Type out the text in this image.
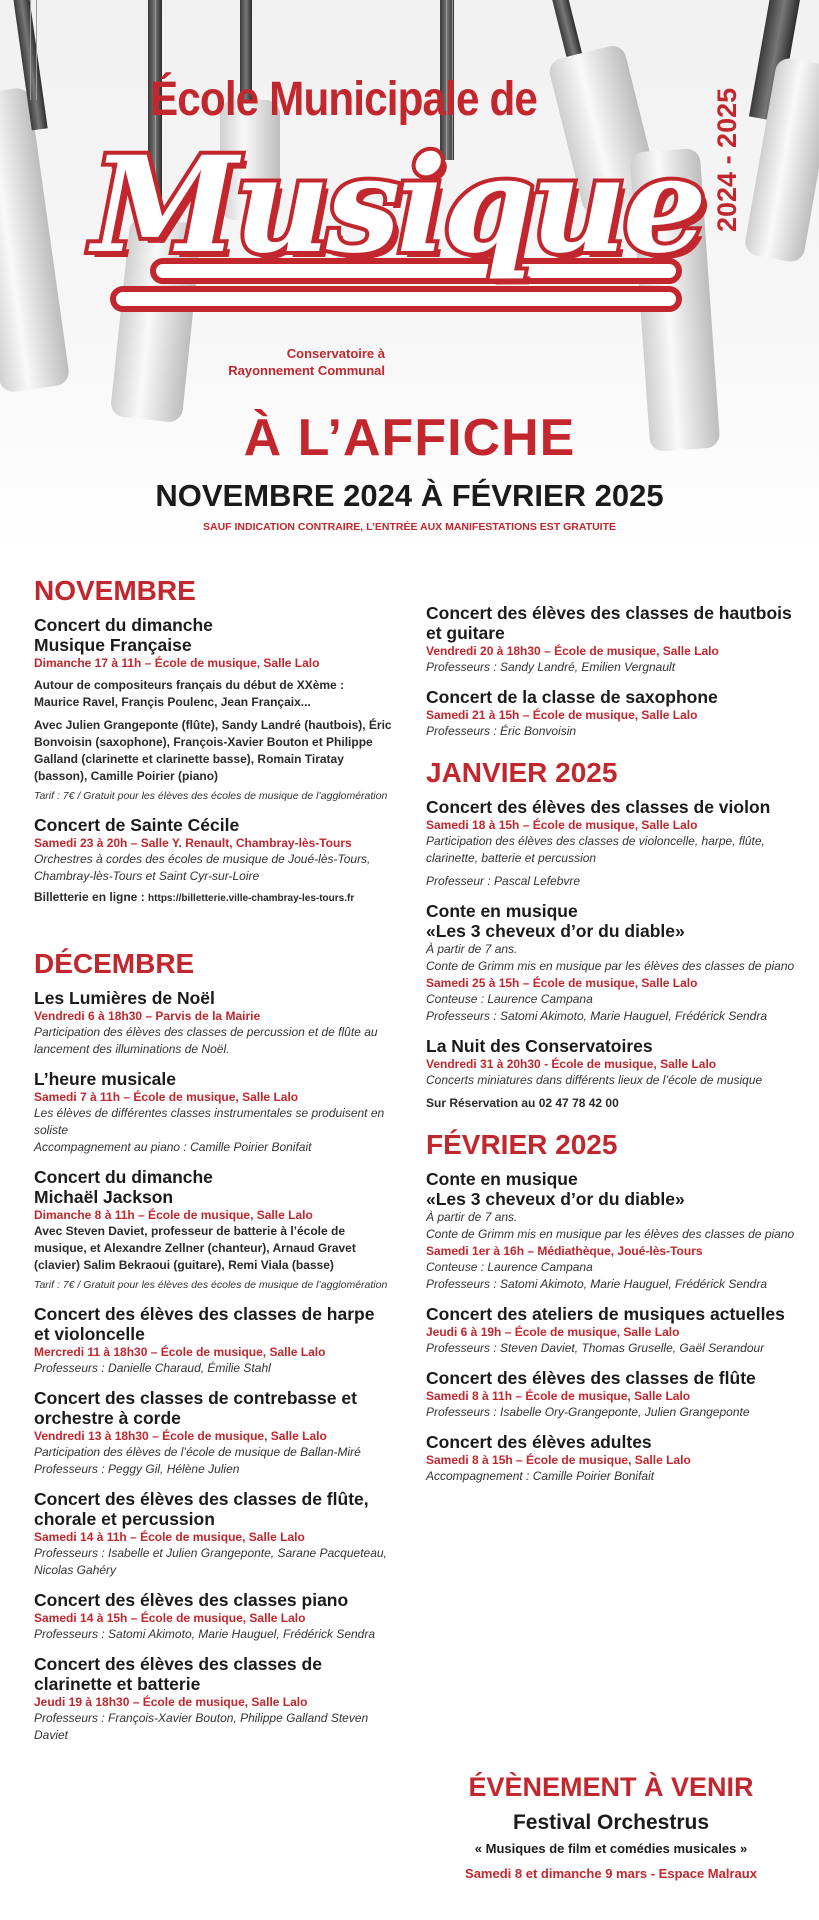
École Municipale de
Musique 2024 - 2025
Conservatoire à
Rayonnement Communal
À L’AFFICHE
NOVEMBRE 2024 À FÉVRIER 2025
SAUF INDICATION CONTRAIRE, L’ENTRÉE AUX MANIFESTATIONS EST GRATUITE
NOVEMBRE
Concert du dimanche
Musique Française
Dimanche 17 à 11h – École de musique, Salle Lalo
Autour de compositeurs français du début de XXème : Maurice Ravel, Françis Poulenc, Jean Françaix...
Avec Julien Grangeponte (flûte), Sandy Landré (hautbois), Éric Bonvoisin (saxophone), François-Xavier Bouton et Philippe Galland (clarinette et clarinette basse), Romain Tiratay (basson), Camille Poirier (piano)
Tarif : 7€ / Gratuit pour les élèves des écoles de musique de l’agglomération
Concert de Sainte Cécile
Samedi 23 à 20h – Salle Y. Renault, Chambray-lès-Tours
Orchestres à cordes des écoles de musique de Joué-lès-Tours, Chambray-lès-Tours et Saint Cyr-sur-Loire
Billetterie en ligne : https://billetterie.ville-chambray-les-tours.fr
DÉCEMBRE
Les Lumières de Noël
Vendredi 6 à 18h30 – Parvis de la Mairie
Participation des élèves des classes de percussion et de flûte au lancement des illuminations de Noël.
L’heure musicale
Samedi 7 à 11h – École de musique, Salle Lalo
Les élèves de différentes classes instrumentales se produisent en soliste
Accompagnement au piano : Camille Poirier Bonifait
Concert du dimanche
Michaël Jackson
Dimanche 8 à 11h – École de musique, Salle Lalo
Avec Steven Daviet, professeur de batterie à l’école de musique, et Alexandre Zellner (chanteur), Arnaud Gravet (clavier) Salim Bekraoui (guitare), Remi Viala (basse)
Tarif : 7€ / Gratuit pour les élèves des écoles de musique de l’agglomération
Concert des élèves des classes de harpe et violoncelle
Mercredi 11 à 18h30 – École de musique, Salle Lalo
Professeurs : Danielle Charaud, Émilie Stahl
Concert des classes de contrebasse et orchestre à corde
Vendredi 13 à 18h30 – École de musique, Salle Lalo
Participation des élèves de l’école de musique de Ballan-Miré
Professeurs : Peggy Gil, Hélène Julien
Concert des élèves des classes de flûte, chorale et percussion
Samedi 14 à 11h – École de musique, Salle Lalo
Professeurs : Isabelle et Julien Grangeponte, Sarane Pacqueteau, Nicolas Gahéry
Concert des élèves des classes piano
Samedi 14 à 15h – École de musique, Salle Lalo
Professeurs : Satomi Akimoto, Marie Hauguel, Frédérick Sendra
Concert des élèves des classes de clarinette et batterie
Jeudi 19 à 18h30 – École de musique, Salle Lalo
Professeurs : François-Xavier Bouton, Philippe Galland Steven Daviet
Concert des élèves des classes de hautbois et guitare
Vendredi 20 à 18h30 – École de musique, Salle Lalo
Professeurs : Sandy Landré, Emilien Vergnault
Concert de la classe de saxophone
Samedi 21 à 15h – École de musique, Salle Lalo
Professeurs : Éric Bonvoisin
JANVIER 2025
Concert des élèves des classes de violon
Samedi 18 à 15h – École de musique, Salle Lalo
Participation des élèves des classes de violoncelle, harpe, flûte, clarinette, batterie et percussion
Professeur : Pascal Lefebvre
Conte en musique
«Les 3 cheveux d’or du diable»
À partir de 7 ans.
Conte de Grimm mis en musique par les élèves des classes de piano
Samedi 25 à 15h – École de musique, Salle Lalo
Conteuse : Laurence Campana
Professeurs : Satomi Akimoto, Marie Hauguel, Frédérick Sendra
La Nuit des Conservatoires
Vendredi 31 à 20h30 - École de musique, Salle Lalo
Concerts miniatures dans différents lieux de l’école de musique
Sur Réservation au 02 47 78 42 00
FÉVRIER 2025
Conte en musique
«Les 3 cheveux d’or du diable»
À partir de 7 ans.
Conte de Grimm mis en musique par les élèves des classes de piano
Samedi 1er à 16h – Médiathèque, Joué-lès-Tours
Conteuse : Laurence Campana
Professeurs : Satomi Akimoto, Marie Hauguel, Frédérick Sendra
Concert des ateliers de musiques actuelles
Jeudi 6 à 19h – École de musique, Salle Lalo
Professeurs : Steven Daviet, Thomas Gruselle, Gaël Serandour
Concert des élèves des classes de flûte
Samedi 8 à 11h – École de musique, Salle Lalo
Professeurs : Isabelle Ory-Grangeponte, Julien Grangeponte
Concert des élèves adultes
Samedi 8 à 15h – École de musique, Salle Lalo
Accompagnement : Camille Poirier Bonifait
ÉVÈNEMENT À VENIR
Festival Orchestrus
« Musiques de film et comédies musicales »
Samedi 8 et dimanche 9 mars - Espace Malraux
